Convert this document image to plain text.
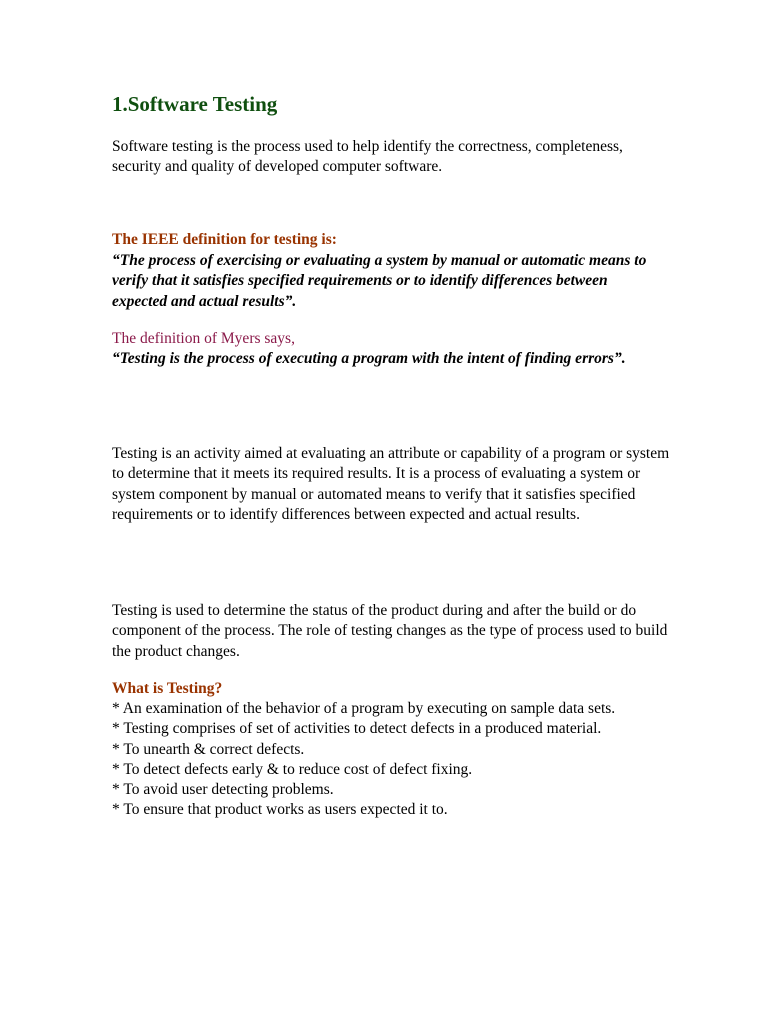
1.Software Testing

Software testing is the process used to help identify the correctness, completeness, security and quality of developed computer software.

The IEEE definition for testing is:

“The process of exercising or evaluating a system by manual or automatic means to verify that it satisfies specified requirements or to identify differences between expected and actual results”.

The definition of Myers says,

“Testing is the process of executing a program with the intent of finding errors”.

Testing is an activity aimed at evaluating an attribute or capability of a program or system to determine that it meets its required results. It is a process of evaluating a system or system component by manual or automated means to verify that it satisfies specified requirements or to identify differences between expected and actual results.

Testing is used to determine the status of the product during and after the build or do component of the process. The role of testing changes as the type of process used to build the product changes.

What is Testing?

* An examination of the behavior of a program by executing on sample data sets.
* Testing comprises of set of activities to detect defects in a produced material.
* To unearth & correct defects.
* To detect defects early & to reduce cost of defect fixing.
* To avoid user detecting problems.
* To ensure that product works as users expected it to.
